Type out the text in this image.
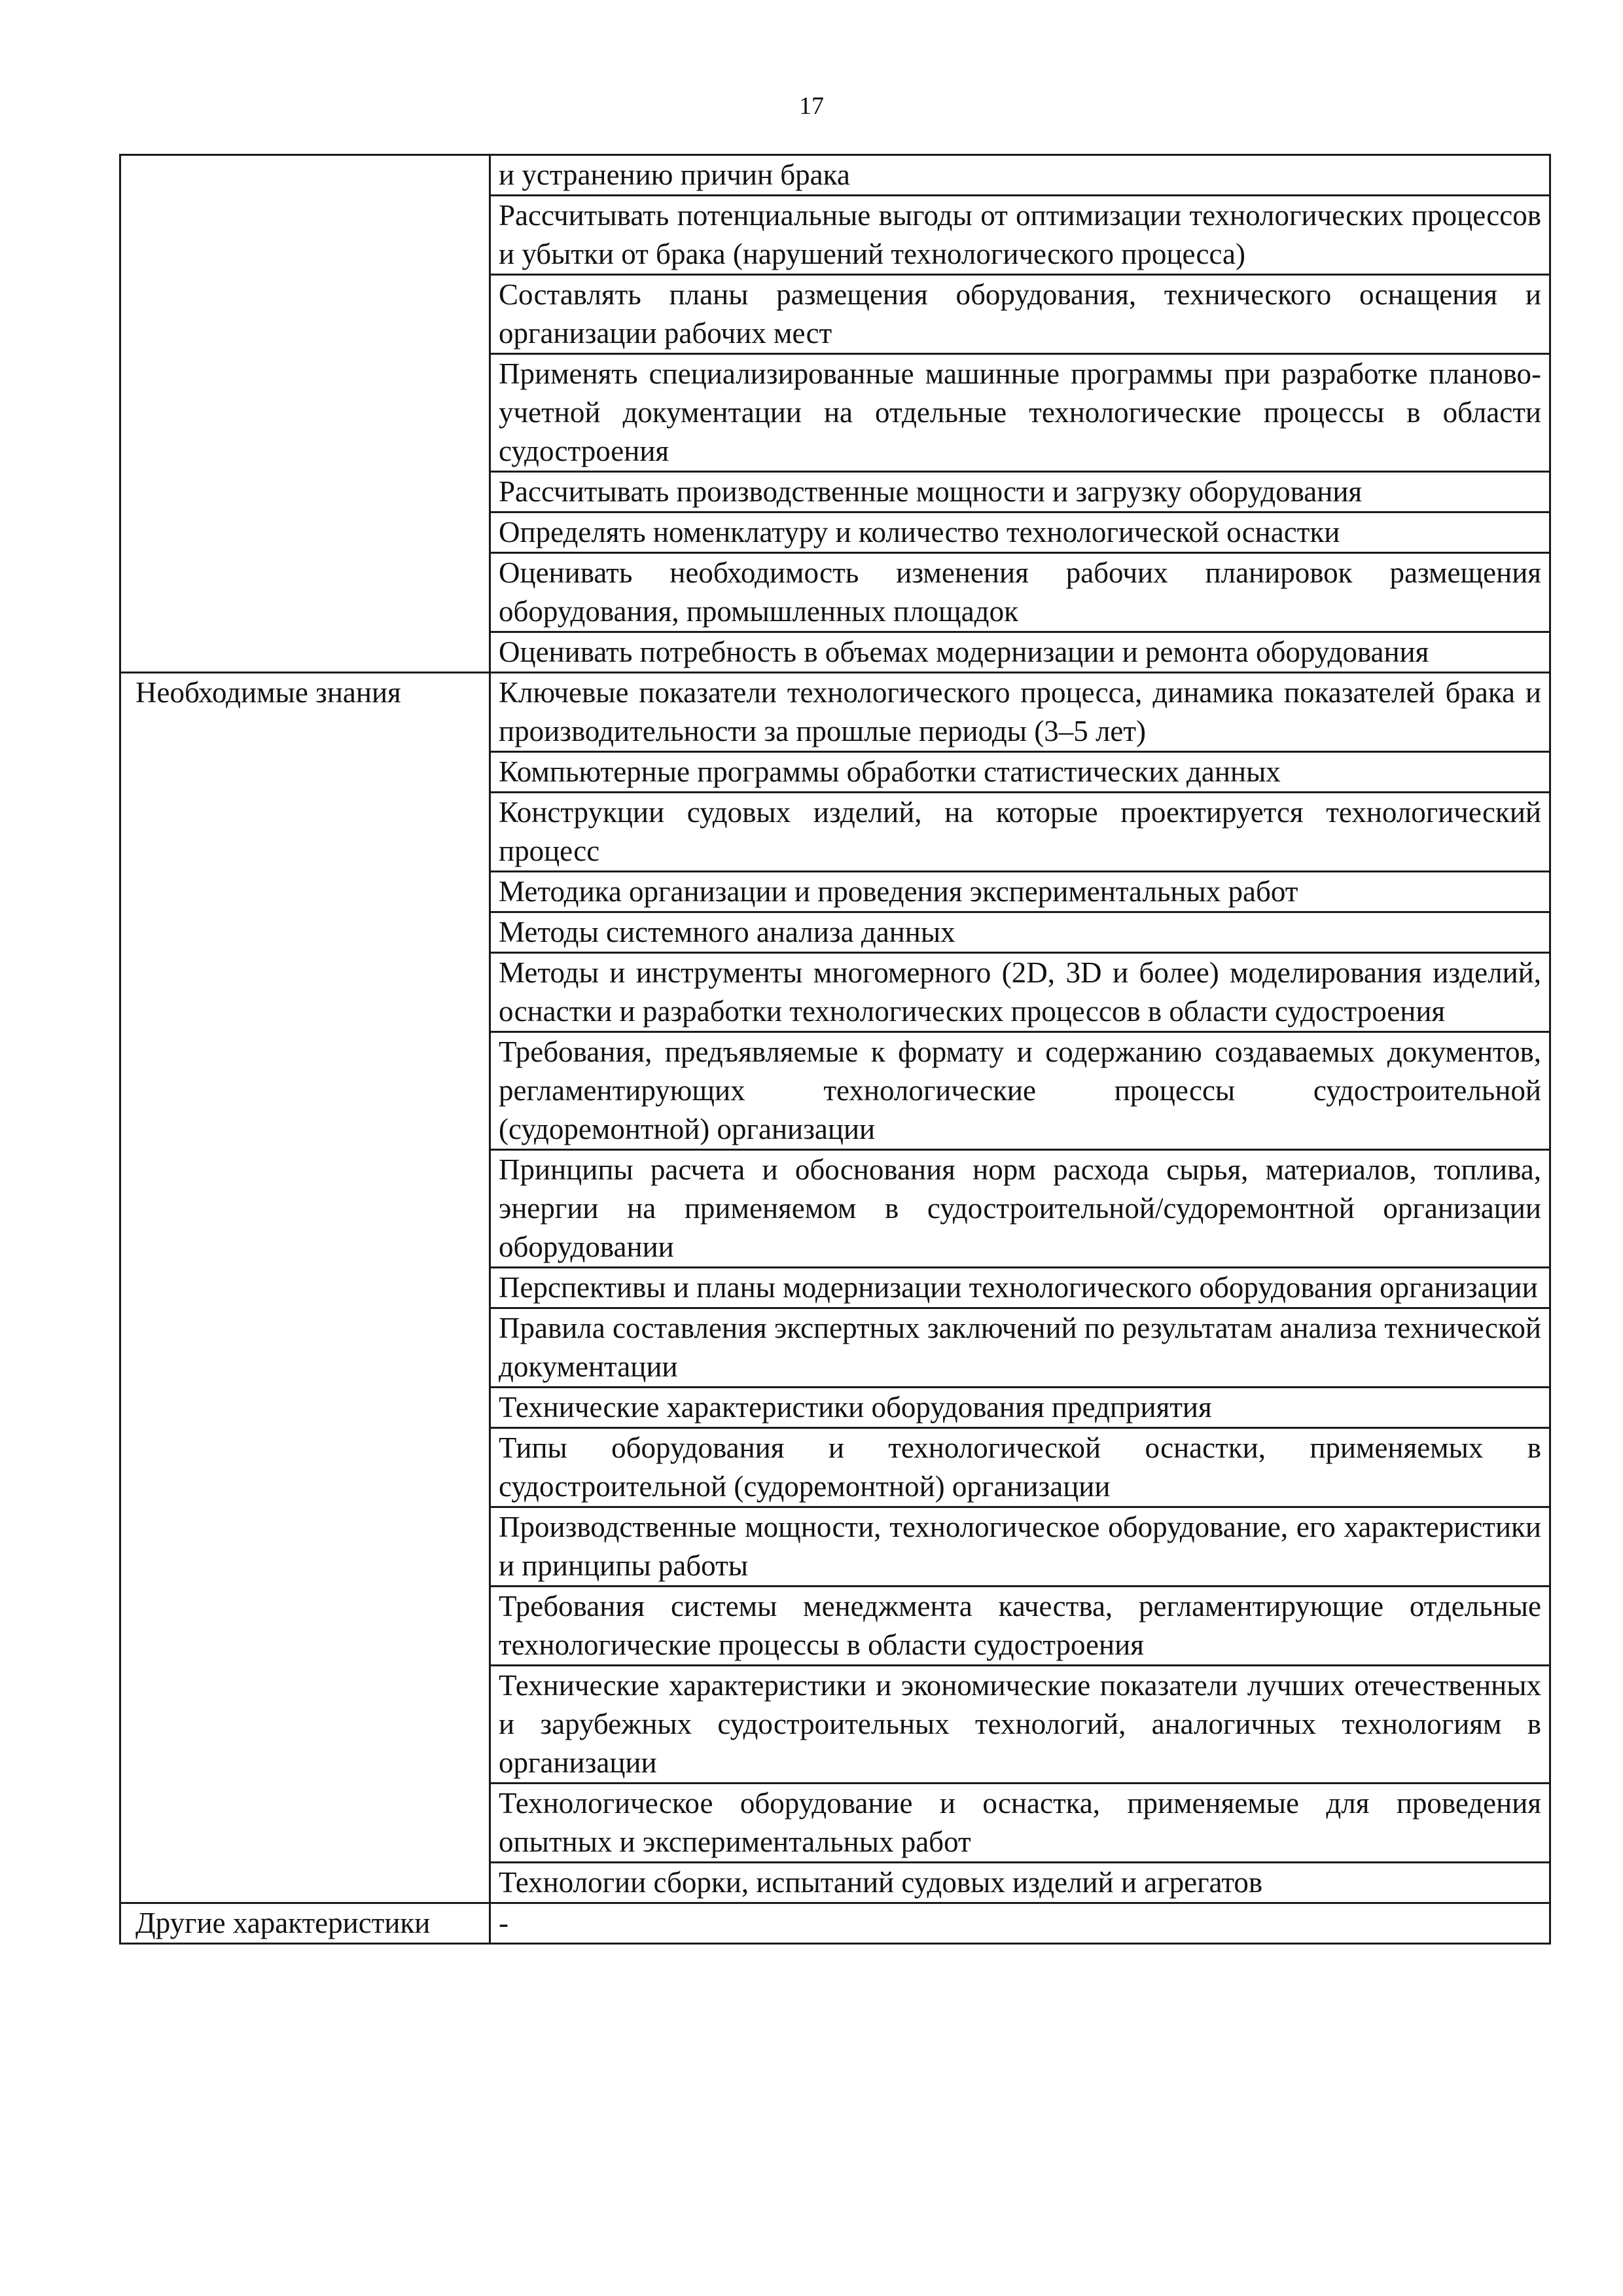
17
	и устранению причин брака
	Рассчитывать потенциальные выгоды от оптимизации технологических процессов и убытки от брака (нарушений технологического процесса)
	Составлять планы размещения оборудования, технического оснащения и организации рабочих мест
	Применять специализированные машинные программы при разработке планово-учетной документации на отдельные технологические процессы в области судостроения
	Рассчитывать производственные мощности и загрузку оборудования
	Определять номенклатуру и количество технологической оснастки
	Оценивать необходимость изменения рабочих планировок размещения оборудования, промышленных площадок
	Оценивать потребность в объемах модернизации и ремонта оборудования
Необходимые знания	Ключевые показатели технологического процесса, динамика показателей брака и производительности за прошлые периоды (3–5 лет)
	Компьютерные программы обработки статистических данных
	Конструкции судовых изделий, на которые проектируется технологический процесс
	Методика организации и проведения экспериментальных работ
	Методы системного анализа данных
	Методы и инструменты многомерного (2D, 3D и более) моделирования изделий, оснастки и разработки технологических процессов в области судостроения
	Требования, предъявляемые к формату и содержанию создаваемых документов, регламентирующих технологические процессы судостроительной (судоремонтной) организации
	Принципы расчета и обоснования норм расхода сырья, материалов, топлива, энергии на применяемом в судостроительной/судоремонтной организации оборудовании
	Перспективы и планы модернизации технологического оборудования организации
	Правила составления экспертных заключений по результатам анализа технической документации
	Технические характеристики оборудования предприятия
	Типы оборудования и технологической оснастки, применяемых в судостроительной (судоремонтной) организации
	Производственные мощности, технологическое оборудование, его характеристики и принципы работы
	Требования системы менеджмента качества, регламентирующие отдельные технологические процессы в области судостроения
	Технические характеристики и экономические показатели лучших отечественных и зарубежных судостроительных технологий, аналогичных технологиям в организации
	Технологическое оборудование и оснастка, применяемые для проведения опытных и экспериментальных работ
	Технологии сборки, испытаний судовых изделий и агрегатов
Другие характеристики	-
